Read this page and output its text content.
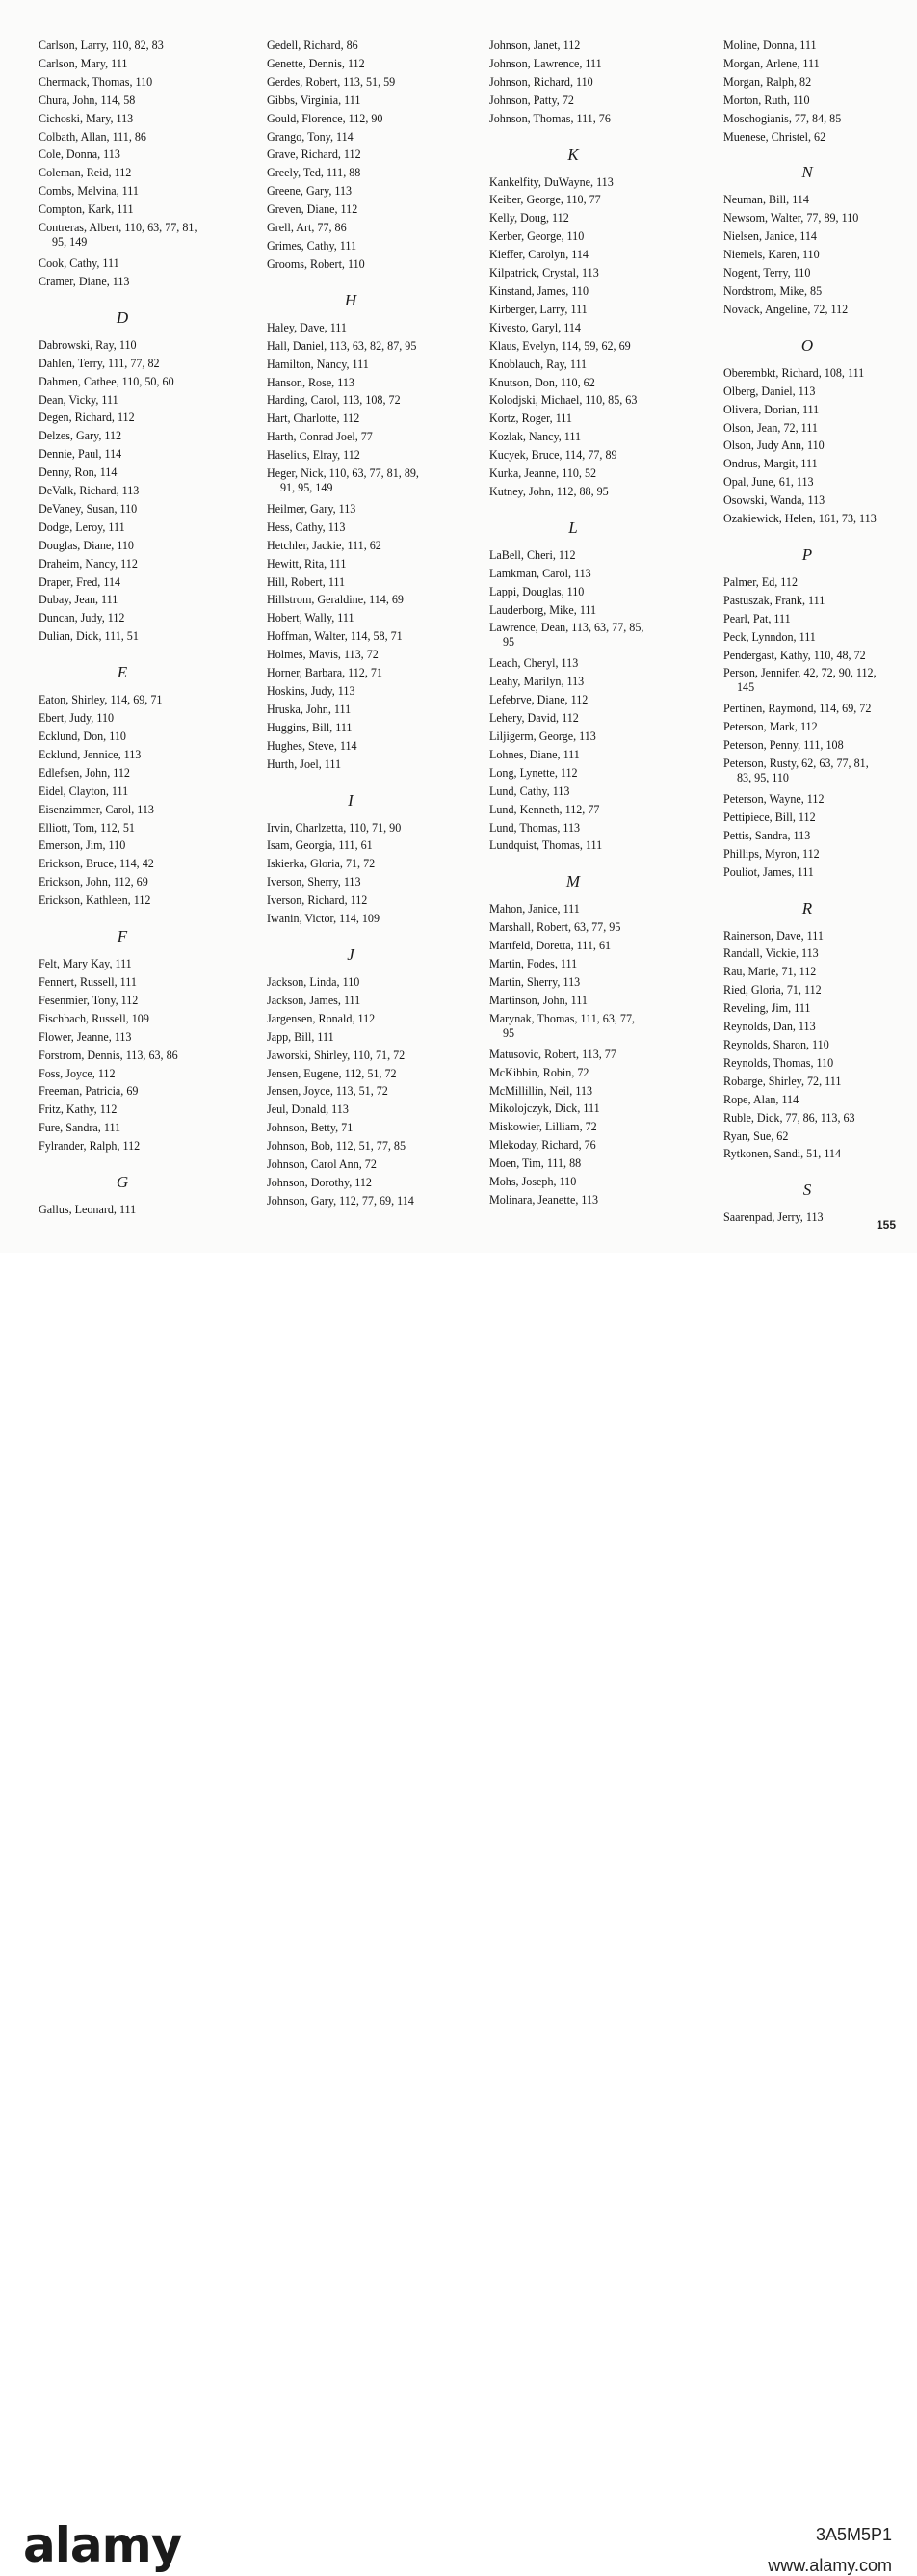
Carlson, Larry, 110, 82, 83
Carlson, Mary, 111
Chermack, Thomas, 110
Chura, John, 114, 58
Cichoski, Mary, 113
Colbath, Allan, 111, 86
Cole, Donna, 113
Coleman, Reid, 112
Combs, Melvina, 111
Compton, Kark, 111
Contreras, Albert, 110, 63, 77, 81,
95, 149
Cook, Cathy, 111
Cramer, Diane, 113
D
Dabrowski, Ray, 110
Dahlen, Terry, 111, 77, 82
Dahmen, Cathee, 110, 50, 60
Dean, Vicky, 111
Degen, Richard, 112
Delzes, Gary, 112
Dennie, Paul, 114
Denny, Ron, 114
DeValk, Richard, 113
DeVaney, Susan, 110
Dodge, Leroy, 111
Douglas, Diane, 110
Draheim, Nancy, 112
Draper, Fred, 114
Dubay, Jean, 111
Duncan, Judy, 112
Dulian, Dick, 111, 51
E
Eaton, Shirley, 114, 69, 71
Ebert, Judy, 110
Ecklund, Don, 110
Ecklund, Jennice, 113
Edlefsen, John, 112
Eidel, Clayton, 111
Eisenzimmer, Carol, 113
Elliott, Tom, 112, 51
Emerson, Jim, 110
Erickson, Bruce, 114, 42
Erickson, John, 112, 69
Erickson, Kathleen, 112
F
Felt, Mary Kay, 111
Fennert, Russell, 111
Fesenmier, Tony, 112
Fischbach, Russell, 109
Flower, Jeanne, 113
Forstrom, Dennis, 113, 63, 86
Foss, Joyce, 112
Freeman, Patricia, 69
Fritz, Kathy, 112
Fure, Sandra, 111
Fylrander, Ralph, 112
G
Gallus, Leonard, 111
Gedell, Richard, 86
Genette, Dennis, 112
Gerdes, Robert, 113, 51, 59
Gibbs, Virginia, 111
Gould, Florence, 112, 90
Grango, Tony, 114
Grave, Richard, 112
Greely, Ted, 111, 88
Greene, Gary, 113
Greven, Diane, 112
Grell, Art, 77, 86
Grimes, Cathy, 111
Grooms, Robert, 110
H
Haley, Dave, 111
Hall, Daniel, 113, 63, 82, 87, 95
Hamilton, Nancy, 111
Hanson, Rose, 113
Harding, Carol, 113, 108, 72
Hart, Charlotte, 112
Harth, Conrad Joel, 77
Haselius, Elray, 112
Heger, Nick, 110, 63, 77, 81, 89,
91, 95, 149
Heilmer, Gary, 113
Hess, Cathy, 113
Hetchler, Jackie, 111, 62
Hewitt, Rita, 111
Hill, Robert, 111
Hillstrom, Geraldine, 114, 69
Hobert, Wally, 111
Hoffman, Walter, 114, 58, 71
Holmes, Mavis, 113, 72
Horner, Barbara, 112, 71
Hoskins, Judy, 113
Hruska, John, 111
Huggins, Bill, 111
Hughes, Steve, 114
Hurth, Joel, 111
I
Irvin, Charlzetta, 110, 71, 90
Isam, Georgia, 111, 61
Iskierka, Gloria, 71, 72
Iverson, Sherry, 113
Iverson, Richard, 112
Iwanin, Victor, 114, 109
J
Jackson, Linda, 110
Jackson, James, 111
Jargensen, Ronald, 112
Japp, Bill, 111
Jaworski, Shirley, 110, 71, 72
Jensen, Eugene, 112, 51, 72
Jensen, Joyce, 113, 51, 72
Jeul, Donald, 113
Johnson, Betty, 71
Johnson, Bob, 112, 51, 77, 85
Johnson, Carol Ann, 72
Johnson, Dorothy, 112
Johnson, Gary, 112, 77, 69, 114
Johnson, Janet, 112
Johnson, Lawrence, 111
Johnson, Richard, 110
Johnson, Patty, 72
Johnson, Thomas, 111, 76
K
Kankelfity, DuWayne, 113
Keiber, George, 110, 77
Kelly, Doug, 112
Kerber, George, 110
Kieffer, Carolyn, 114
Kilpatrick, Crystal, 113
Kinstand, James, 110
Kirberger, Larry, 111
Kivesto, Garyl, 114
Klaus, Evelyn, 114, 59, 62, 69
Knoblauch, Ray, 111
Knutson, Don, 110, 62
Kolodjski, Michael, 110, 85, 63
Kortz, Roger, 111
Kozlak, Nancy, 111
Kucyek, Bruce, 114, 77, 89
Kurka, Jeanne, 110, 52
Kutney, John, 112, 88, 95
L
LaBell, Cheri, 112
Lamkman, Carol, 113
Lappi, Douglas, 110
Lauderborg, Mike, 111
Lawrence, Dean, 113, 63, 77, 85,
95
Leach, Cheryl, 113
Leahy, Marilyn, 113
Lefebrve, Diane, 112
Lehery, David, 112
Liljigerm, George, 113
Lohnes, Diane, 111
Long, Lynette, 112
Lund, Cathy, 113
Lund, Kenneth, 112, 77
Lund, Thomas, 113
Lundquist, Thomas, 111
M
Mahon, Janice, 111
Marshall, Robert, 63, 77, 95
Martfeld, Doretta, 111, 61
Martin, Fodes, 111
Martin, Sherry, 113
Martinson, John, 111
Marynak, Thomas, 111, 63, 77,
95
Matusovic, Robert, 113, 77
McKibbin, Robin, 72
McMillillin, Neil, 113
Mikolojczyk, Dick, 111
Miskowier, Lilliam, 72
Mlekoday, Richard, 76
Moen, Tim, 111, 88
Mohs, Joseph, 110
Molinara, Jeanette, 113
Moline, Donna, 111
Morgan, Arlene, 111
Morgan, Ralph, 82
Morton, Ruth, 110
Moschogianis, 77, 84, 85
Muenese, Christel, 62
N
Neuman, Bill, 114
Newsom, Walter, 77, 89, 110
Nielsen, Janice, 114
Niemels, Karen, 110
Nogent, Terry, 110
Nordstrom, Mike, 85
Novack, Angeline, 72, 112
O
Oberembkt, Richard, 108, 111
Olberg, Daniel, 113
Olivera, Dorian, 111
Olson, Jean, 72, 111
Olson, Judy Ann, 110
Ondrus, Margit, 111
Opal, June, 61, 113
Osowski, Wanda, 113
Ozakiewick, Helen, 161, 73, 113
P
Palmer, Ed, 112
Pastuszak, Frank, 111
Pearl, Pat, 111
Peck, Lynndon, 111
Pendergast, Kathy, 110, 48, 72
Person, Jennifer, 42, 72, 90, 112,
145
Pertinen, Raymond, 114, 69, 72
Peterson, Mark, 112
Peterson, Penny, 111, 108
Peterson, Rusty, 62, 63, 77, 81,
83, 95, 110
Peterson, Wayne, 112
Pettipiece, Bill, 112
Pettis, Sandra, 113
Phillips, Myron, 112
Pouliot, James, 111
R
Rainerson, Dave, 111
Randall, Vickie, 113
Rau, Marie, 71, 112
Ried, Gloria, 71, 112
Reveling, Jim, 111
Reynolds, Dan, 113
Reynolds, Sharon, 110
Reynolds, Thomas, 110
Robarge, Shirley, 72, 111
Rope, Alan, 114
Ruble, Dick, 77, 86, 113, 63
Ryan, Sue, 62
Rytkonen, Sandi, 51, 114
S
Saarenpad, Jerry, 113
155
alamy	3A5M5P1
www.alamy.com
